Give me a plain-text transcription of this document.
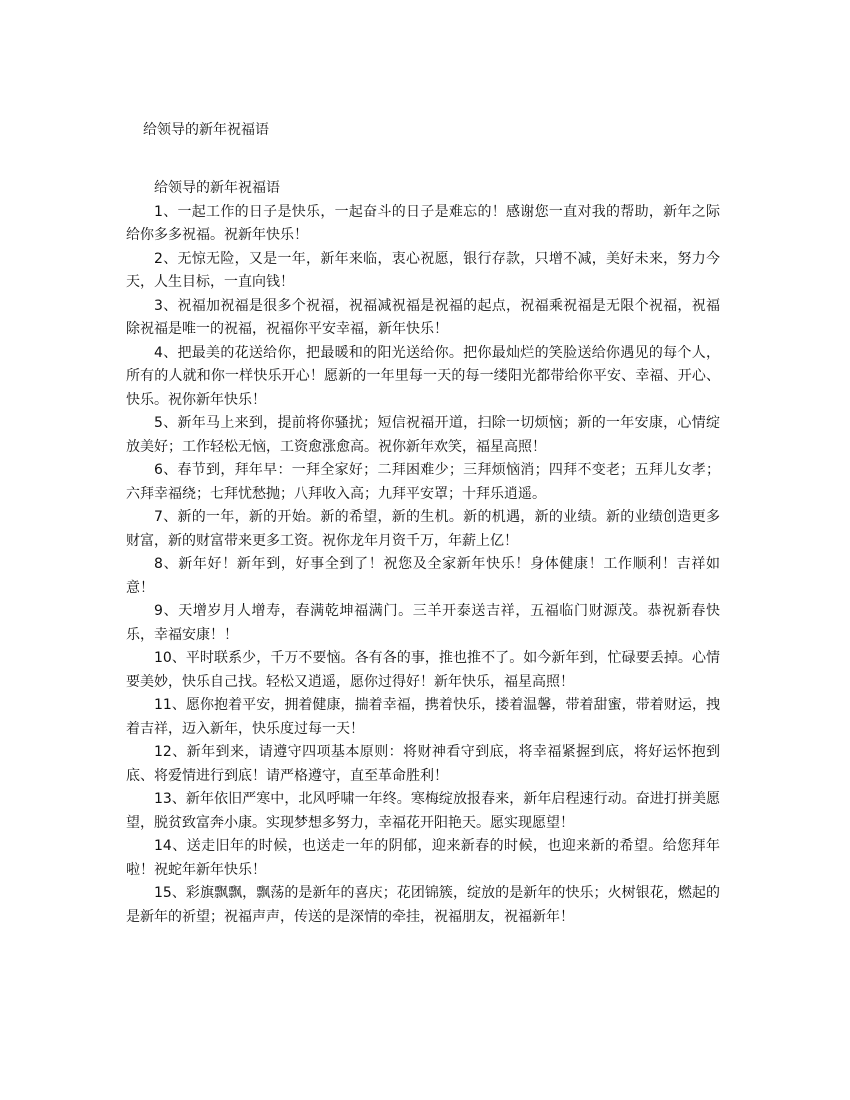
给领导的新年祝福语
给领导的新年祝福语
1、一起工作的日子是快乐，一起奋斗的日子是难忘的！感谢您一直对我的帮助，新年之际给你多多祝福。祝新年快乐！
2、无惊无险，又是一年，新年来临，衷心祝愿，银行存款，只增不减，美好未来，努力今天，人生目标，一直向钱！
3、祝福加祝福是很多个祝福，祝福减祝福是祝福的起点，祝福乘祝福是无限个祝福，祝福除祝福是唯一的祝福，祝福你平安幸福，新年快乐！
4、把最美的花送给你，把最暖和的阳光送给你。把你最灿烂的笑脸送给你遇见的每个人，所有的人就和你一样快乐开心！愿新的一年里每一天的每一缕阳光都带给你平安、幸福、开心、快乐。祝你新年快乐！
5、新年马上来到，提前将你骚扰；短信祝福开道，扫除一切烦恼；新的一年安康，心情绽放美好；工作轻松无恼，工资愈涨愈高。祝你新年欢笑，福星高照！
6、春节到，拜年早：一拜全家好；二拜困难少；三拜烦恼消；四拜不变老；五拜儿女孝；六拜幸福绕；七拜忧愁抛；八拜收入高；九拜平安罩；十拜乐逍遥。
7、新的一年，新的开始。新的希望，新的生机。新的机遇，新的业绩。新的业绩创造更多财富，新的财富带来更多工资。祝你龙年月资千万，年薪上亿！
8、新年好！新年到，好事全到了！祝您及全家新年快乐！身体健康！工作顺利！吉祥如意！
9、天增岁月人增寿，春满乾坤福满门。三羊开泰送吉祥，五福临门财源茂。恭祝新春快乐，幸福安康！！
10、平时联系少，千万不要恼。各有各的事，推也推不了。如今新年到，忙碌要丢掉。心情要美妙，快乐自己找。轻松又逍遥，愿你过得好！新年快乐，福星高照！
11、愿你抱着平安，拥着健康，揣着幸福，携着快乐，搂着温馨，带着甜蜜，带着财运，拽着吉祥，迈入新年，快乐度过每一天！
12、新年到来，请遵守四项基本原则：将财神看守到底，将幸福紧握到底，将好运怀抱到底、将爱情进行到底！请严格遵守，直至革命胜利！
13、新年依旧严寒中，北风呼啸一年终。寒梅绽放报春来，新年启程速行动。奋进打拼美愿望，脱贫致富奔小康。实现梦想多努力，幸福花开阳艳天。愿实现愿望！
14、送走旧年的时候，也送走一年的阴郁，迎来新春的时候，也迎来新的希望。给您拜年啦！祝蛇年新年快乐！
15、彩旗飘飘，飘荡的是新年的喜庆；花团锦簇，绽放的是新年的快乐；火树银花，燃起的是新年的祈望；祝福声声，传送的是深情的牵挂，祝福朋友，祝福新年！
